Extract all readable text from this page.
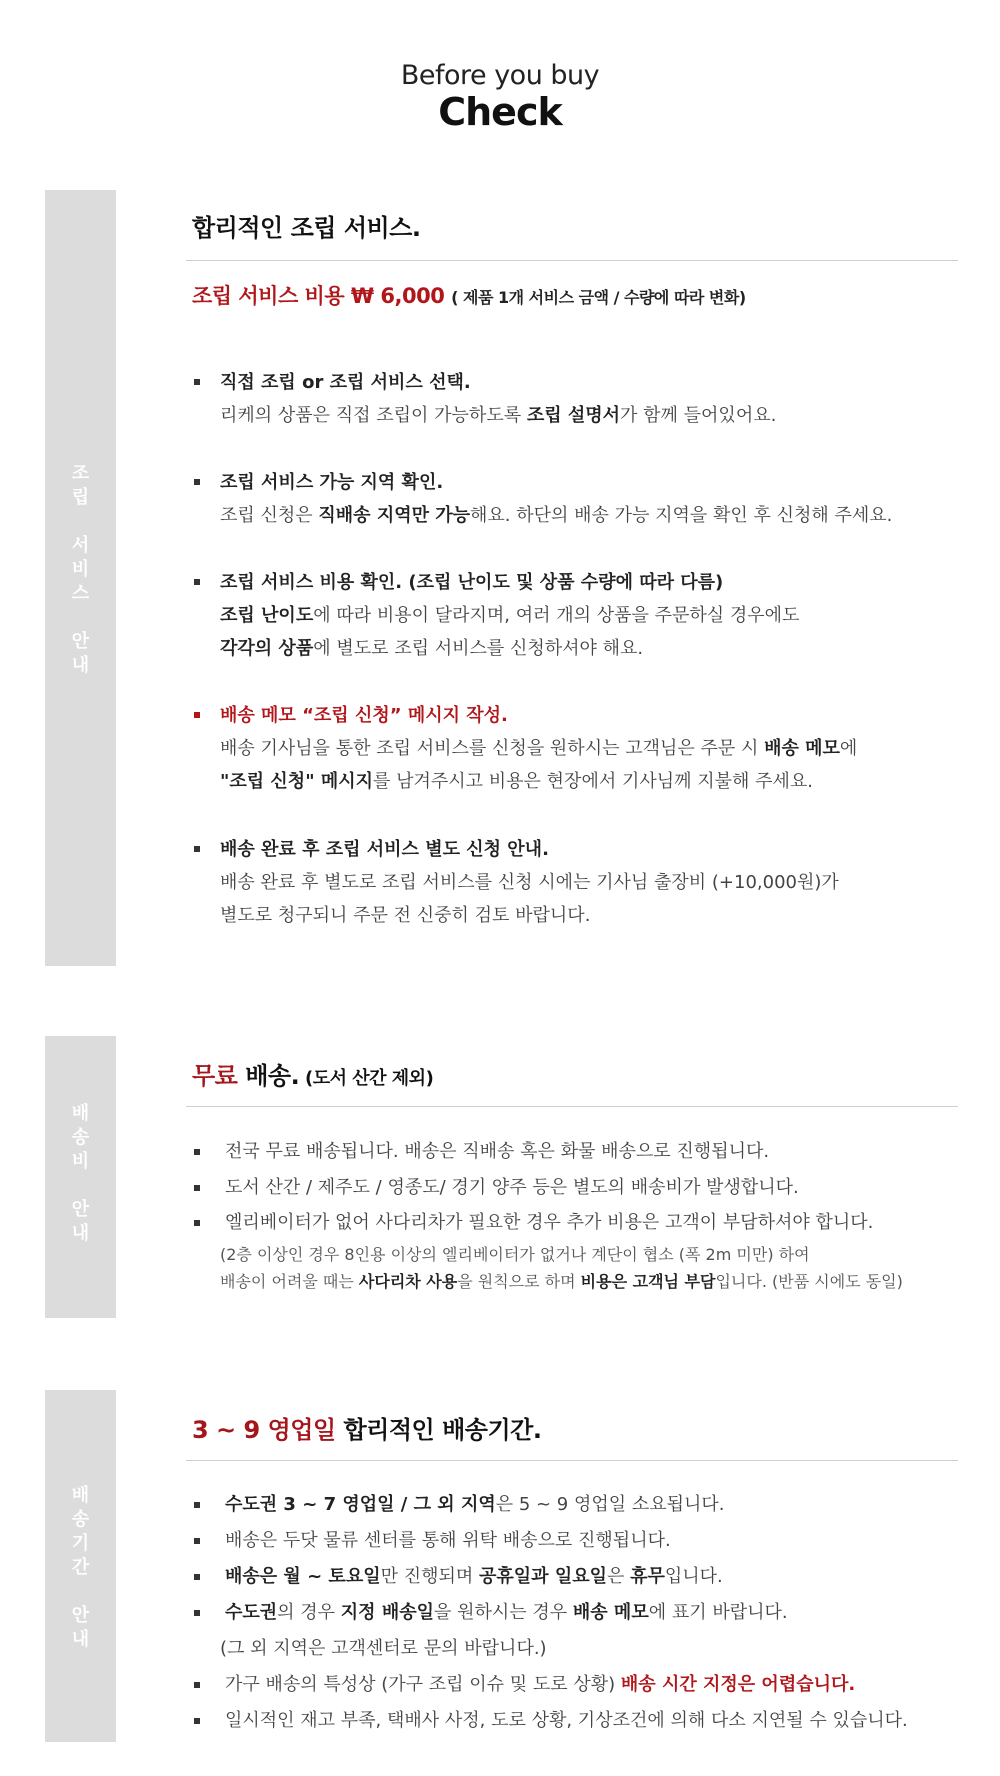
Before you buy
Check
조
립
서
비
스
안
내
합리적인 조립 서비스.
조립 서비스 비용 ₩ 6,000 ( 제품 1개 서비스 금액 / 수량에 따라 변화)
직접 조립 or 조립 서비스 선택.
리케의 상품은 직접 조립이 가능하도록 조립 설명서가 함께 들어있어요.
조립 서비스 가능 지역 확인.
조립 신청은 직배송 지역만 가능해요. 하단의 배송 가능 지역을 확인 후 신청해 주세요.
조립 서비스 비용 확인. (조립 난이도 및 상품 수량에 따라 다름)
조립 난이도에 따라 비용이 달라지며, 여러 개의 상품을 주문하실 경우에도
각각의 상품에 별도로 조립 서비스를 신청하셔야 해요.
배송 메모 “조립 신청” 메시지 작성.
배송 기사님을 통한 조립 서비스를 신청을 원하시는 고객님은 주문 시 배송 메모에
"조립 신청" 메시지를 남겨주시고 비용은 현장에서 기사님께 지불해 주세요.
배송 완료 후 조립 서비스 별도 신청 안내.
배송 완료 후 별도로 조립 서비스를 신청 시에는 기사님 출장비 (+10,000원)가
별도로 청구되니 주문 전 신중히 검토 바랍니다.
배
송
비
안
내
무료 배송. (도서 산간 제외)
전국 무료 배송됩니다. 배송은 직배송 혹은 화물 배송으로 진행됩니다.
도서 산간 / 제주도 / 영종도/ 경기 양주 등은 별도의 배송비가 발생합니다.
엘리베이터가 없어 사다리차가 필요한 경우 추가 비용은 고객이 부담하셔야 합니다.
(2층 이상인 경우 8인용 이상의 엘리베이터가 없거나 계단이 협소 (폭 2m 미만) 하여
배송이 어려울 때는 사다리차 사용을 원칙으로 하며 비용은 고객님 부담입니다. (반품 시에도 동일)
배
송
기
간
안
내
3 ~ 9 영업일 합리적인 배송기간.
수도권 3 ~ 7 영업일 / 그 외 지역은 5 ~ 9 영업일 소요됩니다.
배송은 두닷 물류 센터를 통해 위탁 배송으로 진행됩니다.
배송은 월 ~ 토요일만 진행되며 공휴일과 일요일은 휴무입니다.
수도권의 경우 지정 배송일을 원하시는 경우 배송 메모에 표기 바랍니다.
(그 외 지역은 고객센터로 문의 바랍니다.)
가구 배송의 특성상 (가구 조립 이슈 및 도로 상황) 배송 시간 지정은 어렵습니다.
일시적인 재고 부족, 택배사 사정, 도로 상황, 기상조건에 의해 다소 지연될 수 있습니다.
